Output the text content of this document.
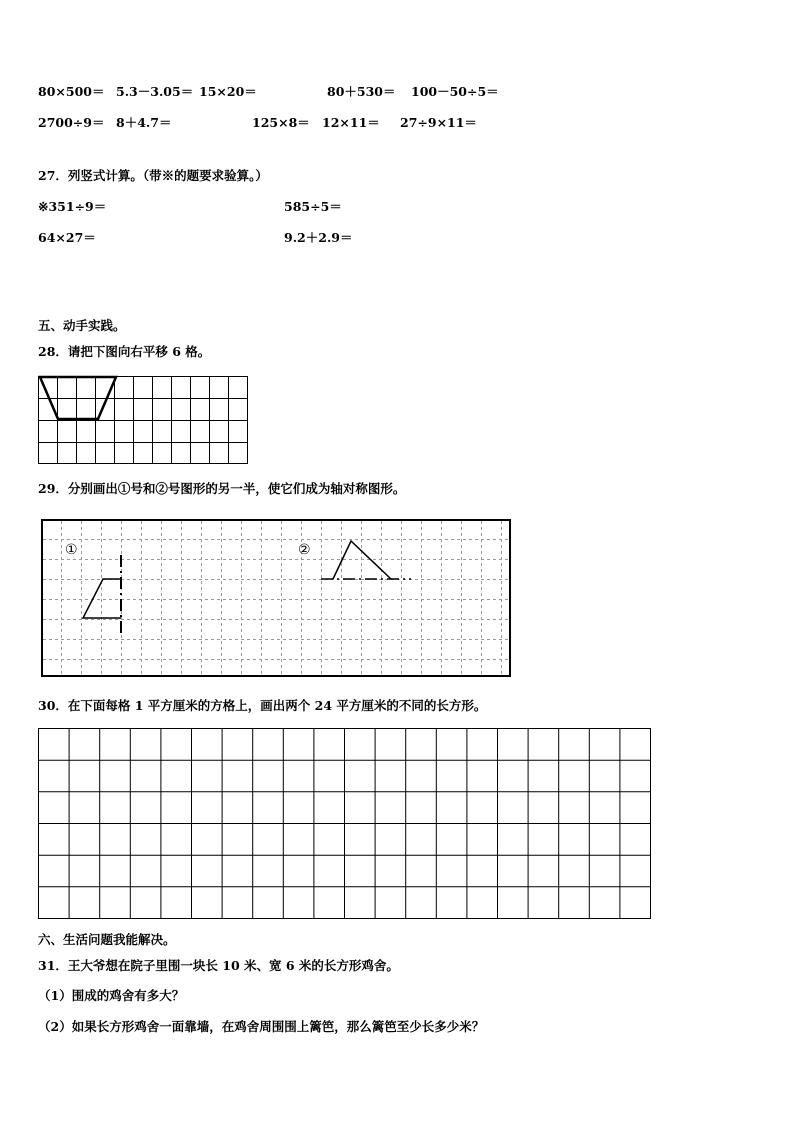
80×500＝ 5.3－3.05＝ 15×20＝	80＋530＝ 100－50÷5＝
2700÷9＝ 8＋4.7＝	125×8＝ 12×11＝ 27÷9×11＝
27．列竖式计算。（带※的题要求验算。）
※351÷9＝	585÷5＝
64×27＝	9.2＋2.9＝
五、动手实践。
28．请把下图向右平移 6 格。
29．分别画出①号和②号图形的另一半，使它们成为轴对称图形。
①	②
30．在下面每格 1 平方厘米的方格上，画出两个 24 平方厘米的不同的长方形。
六、生活问题我能解决。
31．王大爷想在院子里围一块长 10 米、宽 6 米的长方形鸡舍。
（1）围成的鸡舍有多大？
（2）如果长方形鸡舍一面靠墙，在鸡舍周围围上篱笆，那么篱笆至少长多少米？
